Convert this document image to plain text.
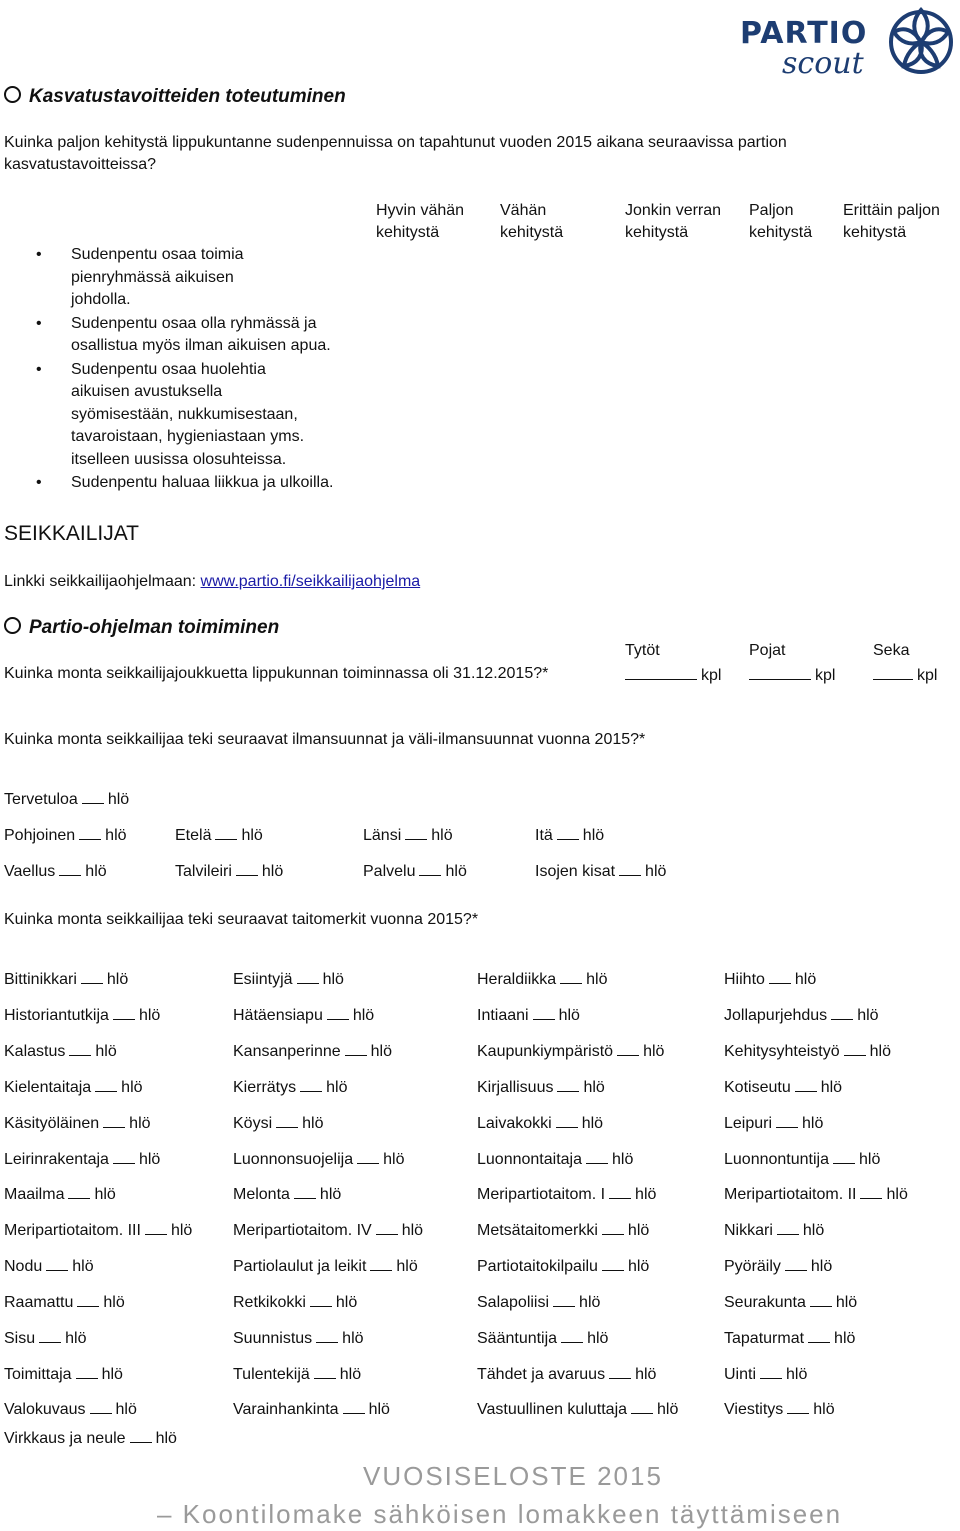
PARTIO
scout
Kasvatustavoitteiden toteutuminen
Kuinka paljon kehitystä lippukuntanne sudenpennuissa on tapahtunut vuoden 2015 aikana seuraavissa partion
kasvatustavoitteissa?
Hyvin vähän
kehitystä
Vähän
kehitystä
Jonkin verran
kehitystä
Paljon
kehitystä
Erittäin paljon
kehitystä
• Sudenpentu osaa toimia pienryhmässä aikuisen johdolla.
• Sudenpentu osaa olla ryhmässä ja osallistua myös ilman aikuisen apua.
• Sudenpentu osaa huolehtia aikuisen avustuksella syömisestään, nukkumisestaan, tavaroistaan, hygieniastaan yms. itselleen uusissa olosuhteissa.
• Sudenpentu haluaa liikkua ja ulkoilla.
SEIKKAILIJAT
Linkki seikkailijaohjelmaan: www.partio.fi/seikkailijaohjelma
Partio-ohjelman toimiminen
Tytöt	Pojat	Seka
Kuinka monta seikkailijajoukkuetta lippukunnan toiminnassa oli 31.12.2015?*	kpl	kpl	kpl
Kuinka monta seikkailijaa teki seuraavat ilmansuunnat ja väli-ilmansuunnat vuonna 2015?*
Tervetuloa hlö
Pohjoinen hlö	Etelä hlö	Länsi hlö	Itä hlö
Vaellus hlö	Talvileiri hlö	Palvelu hlö	Isojen kisat hlö
Kuinka monta seikkailijaa teki seuraavat taitomerkit vuonna 2015?*
Bittinikkari hlö	Esiintyjä hlö	Heraldiikka hlö	Hiihto hlö
Historiantutkija hlö	Hätäensiapu hlö	Intiaani hlö	Jollapurjehdus hlö
Kalastus hlö	Kansanperinne hlö	Kaupunkiympäristö hlö	Kehitysyhteistyö hlö
Kielentaitaja hlö	Kierrätys hlö	Kirjallisuus hlö	Kotiseutu hlö
Käsityöläinen hlö	Köysi hlö	Laivakokki hlö	Leipuri hlö
Leirinrakentaja hlö	Luonnonsuojelija hlö	Luonnontaitaja hlö	Luonnontuntija hlö
Maailma hlö	Melonta hlö	Meripartiotaitom. I hlö	Meripartiotaitom. II hlö
Meripartiotaitom. III hlö	Meripartiotaitom. IV hlö	Metsätaitomerkki hlö	Nikkari hlö
Nodu hlö	Partiolaulut ja leikit hlö	Partiotaitokilpailu hlö	Pyöräily hlö
Raamattu hlö	Retkikokki hlö	Salapoliisi hlö	Seurakunta hlö
Sisu hlö	Suunnistus hlö	Sääntuntija hlö	Tapaturmat hlö
Toimittaja hlö	Tulentekijä hlö	Tähdet ja avaruus hlö	Uinti hlö
Valokuvaus hlö	Varainhankinta hlö	Vastuullinen kuluttaja hlö	Viestitys hlö
Virkkaus ja neule hlö
VUOSISELOSTE 2015
– Koontilomake sähköisen lomakkeen täyttämiseen
